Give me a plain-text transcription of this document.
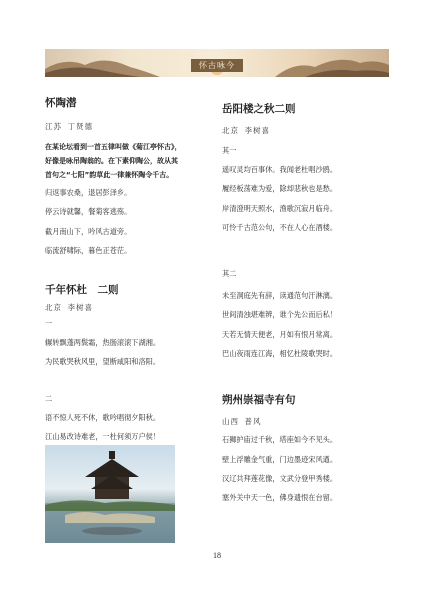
怀古咏今
怀陶潜

江苏 丁贤德

在某论坛看到一首五律叫做《菊江亭怀古》，

好像是咏吊陶翁的。在下素仰陶公，故从其

首句之“七阳”韵草此一律兼怀陶令千古。

归返事农桑，退居彭泽乡。

停云诗就馨，餐菊客逃殇。

截月南山下，吟风古道旁。

临流舒啸际，暮色正苍茫。

千年怀杜　二则

北京 李树喜

一

辗转飘蓬两鬓霜，热肠滚滚下湖湘。

为民歌哭秋风里，望断咸阳和洛阳。

二

语不惊人死不休，歌吟唱彻夕阳秋。

江山易改诗难老，一杜何须万户侯！

岳阳楼之秋二则

北京 李树喜

其一

遥叹灵均百事休。我闻老杜唱沙鸥。

履经板荡难为爱，除却悲秋也是愁。

岸清澄明天照水，渔歌沉寂月临舟。

可怜千古范公句，不在人心在酒楼。

其二

未至洞庭先有辞，读通范句汗淋漓。

世间清浊堪难辨，谁个先公而后私！

天若无情天便老，月如有恨月常离。

巴山夜雨连江海，相忆杜陵歌哭时。

朔州崇福寺有句

山西 普风

石狮护庙过千秋，塔座如今不见头。

壁上浮雕金气重，门边墨迹宋风遒。

汉辽共拜莲花像，文武分登甲秀楼。

塞外关中天一色，佛身遗恨在台留。

18
